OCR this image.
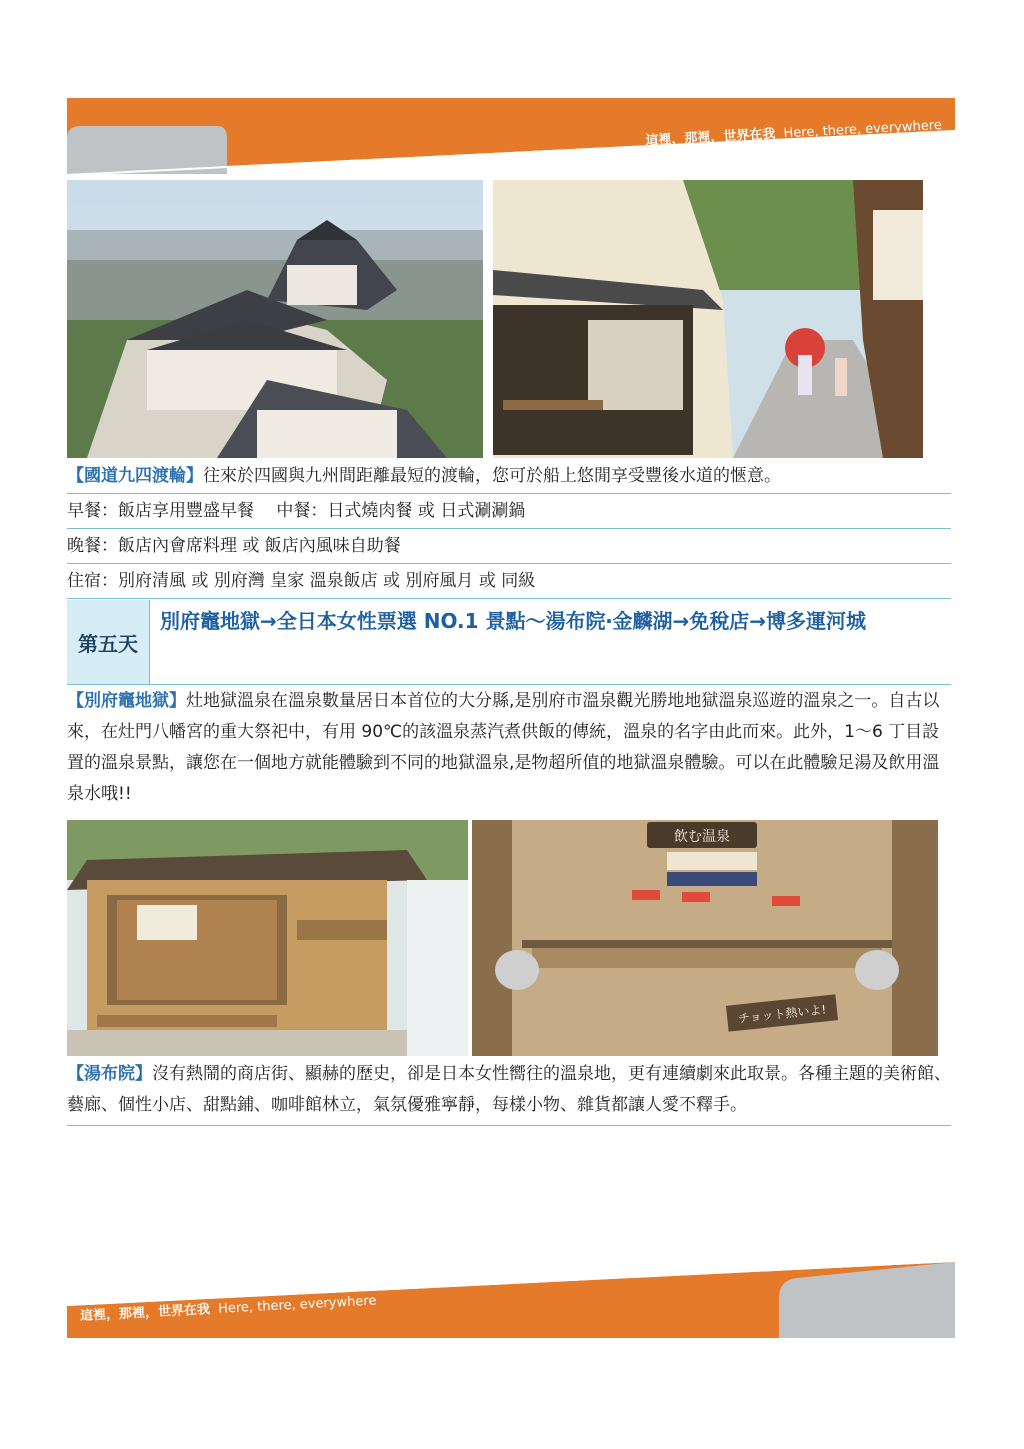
這裡，那裡，世界在我 Here, there, everywhere
【國道九四渡輪】往來於四國與九州間距離最短的渡輪，您可於船上悠閒享受豐後水道的愜意。
早餐：飯店享用豐盛早餐　 中餐：日式燒肉餐 或 日式涮涮鍋
晚餐：飯店內會席料理 或 飯店內風味自助餐
住宿：別府清風 或 別府灣 皇家 溫泉飯店 或 別府風月 或 同級
第五天
別府竈地獄→全日本女性票選 NO.1 景點～湯布院‧金麟湖→免稅店→博多運河城
【別府竈地獄】灶地獄溫泉在溫泉數量居日本首位的大分縣,是別府市溫泉觀光勝地地獄溫泉巡遊的溫泉之一。自古以來，在灶門八幡宮的重大祭祀中，有用 90℃的該溫泉蒸汽煮供飯的傳統，溫泉的名字由此而來。此外，1～6 丁目設置的溫泉景點，讓您在一個地方就能體驗到不同的地獄溫泉,是物超所值的地獄溫泉體驗。可以在此體驗足湯及飲用溫泉水哦!!
飲む温泉
チョット熱いよ!
【湯布院】沒有熱鬧的商店街、顯赫的歷史，卻是日本女性嚮往的溫泉地，更有連續劇來此取景。各種主題的美術館、藝廊、個性小店、甜點鋪、咖啡館林立，氣氛優雅寧靜，每樣小物、雜貨都讓人愛不釋手。
這裡，那裡，世界在我 Here, there, everywhere
